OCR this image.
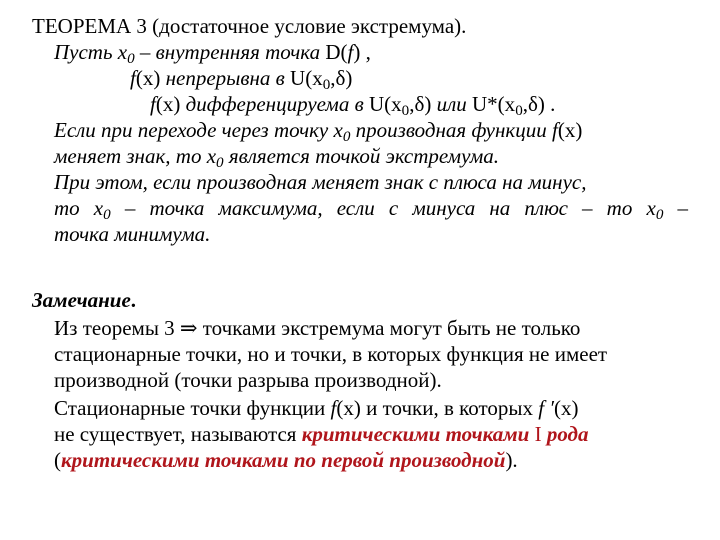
ТЕОРЕМА 3 (достаточное условие экстремума).
Пусть $x_0$ – внутренняя точка D(f) ,
f(x) непрерывна в $U(x_0,\delta)$
f(x) дифференцируема в $U(x_0,\delta)$ или $U*(x_0,\delta)$ .
Если при переходе через точку $x_0$ производная функции f(x)
меняет знак, то $x_0$ является точкой экстремума.
При этом, если производная меняет знак с плюса на минус,
то $x_0$ – точка максимума, если с минуса на плюс – то $x_0$ –
точка минимума.
Замечание.
Из теоремы 3 ⇒ точками экстремума могут быть не только
стационарные точки, но и точки, в которых функция не имеет
производной (точки разрыва производной).
Стационарные точки функции f(x) и точки, в которых f ′(x)
не существует, называются критическими точками I рода
(критическими точками по первой производной).
